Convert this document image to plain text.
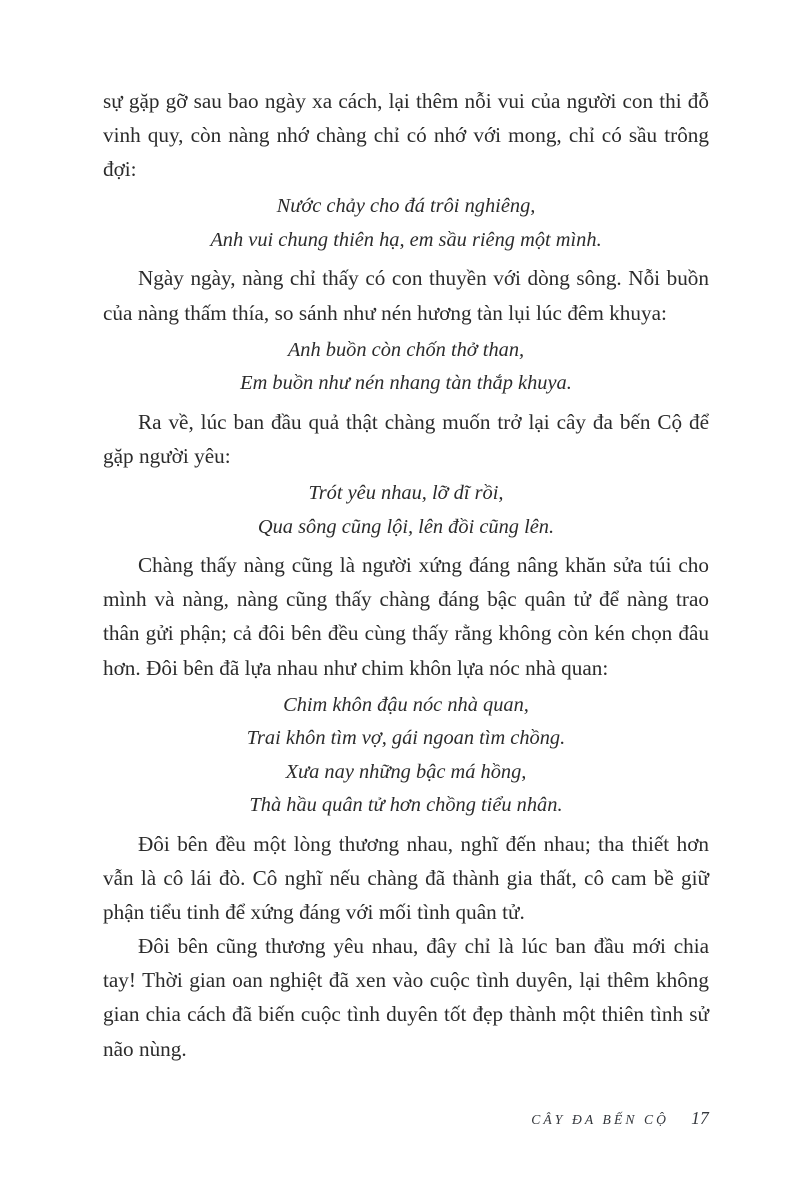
sự gặp gỡ sau bao ngày xa cách, lại thêm nỗi vui của người con thi đỗ vinh quy, còn nàng nhớ chàng chỉ có nhớ với mong, chỉ có sầu trông đợi:

Nước chảy cho đá trôi nghiêng,
Anh vui chung thiên hạ, em sầu riêng một mình.

Ngày ngày, nàng chỉ thấy có con thuyền với dòng sông. Nỗi buồn của nàng thấm thía, so sánh như nén hương tàn lụi lúc đêm khuya:

Anh buồn còn chốn thở than,
Em buồn như nén nhang tàn thắp khuya.

Ra về, lúc ban đầu quả thật chàng muốn trở lại cây đa bến Cộ để gặp người yêu:

Trót yêu nhau, lỡ dĩ rồi,
Qua sông cũng lội, lên đồi cũng lên.

Chàng thấy nàng cũng là người xứng đáng nâng khăn sửa túi cho mình và nàng, nàng cũng thấy chàng đáng bậc quân tử để nàng trao thân gửi phận; cả đôi bên đều cùng thấy rằng không còn kén chọn đâu hơn. Đôi bên đã lựa nhau như chim khôn lựa nóc nhà quan:

Chim khôn đậu nóc nhà quan,
Trai khôn tìm vợ, gái ngoan tìm chồng.
Xưa nay những bậc má hồng,
Thà hầu quân tử hơn chồng tiểu nhân.

Đôi bên đều một lòng thương nhau, nghĩ đến nhau; tha thiết hơn vẫn là cô lái đò. Cô nghĩ nếu chàng đã thành gia thất, cô cam bề giữ phận tiểu tinh để xứng đáng với mối tình quân tử.

Đôi bên cũng thương yêu nhau, đây chỉ là lúc ban đầu mới chia tay! Thời gian oan nghiệt đã xen vào cuộc tình duyên, lại thêm không gian chia cách đã biến cuộc tình duyên tốt đẹp thành một thiên tình sử não nùng.

CÂY ĐA BẾN CỘ 17
